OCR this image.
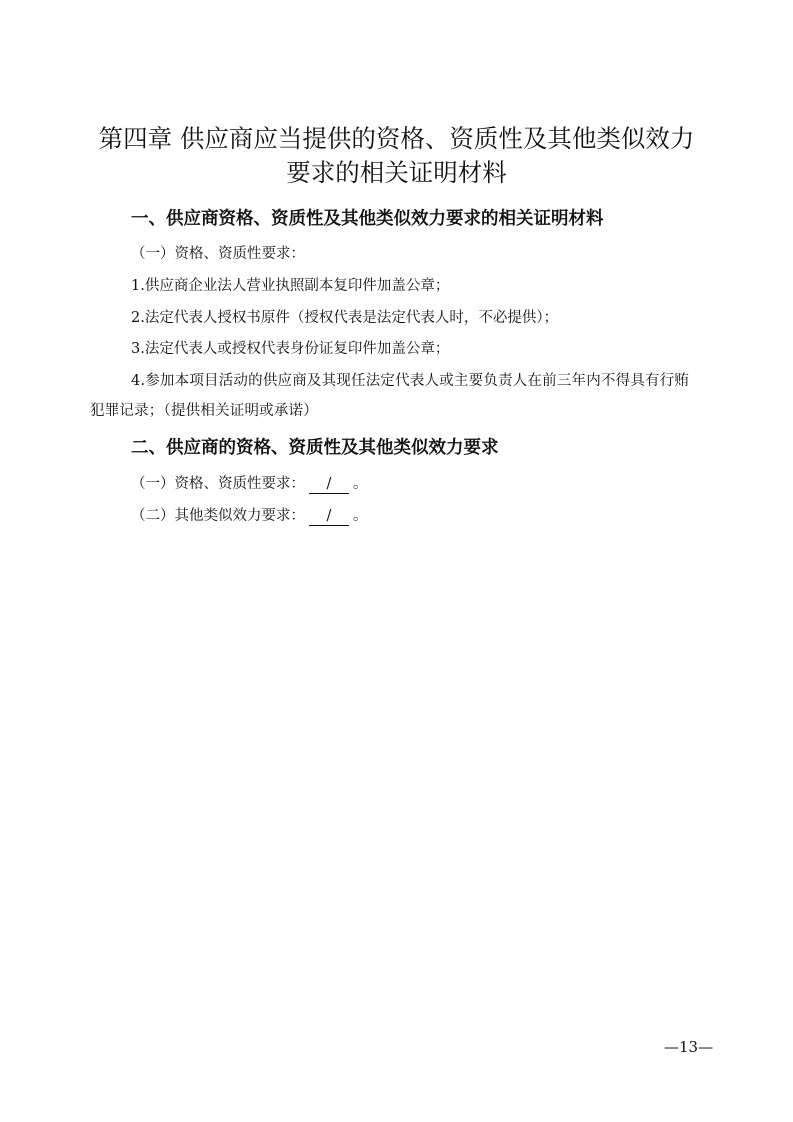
第四章 供应商应当提供的资格、资质性及其他类似效力要求的相关证明材料
一、供应商资格、资质性及其他类似效力要求的相关证明材料

（一）资格、资质性要求：

1.供应商企业法人营业执照副本复印件加盖公章；

2.法定代表人授权书原件（授权代表是法定代表人时，不必提供）；

3.法定代表人或授权代表身份证复印件加盖公章；

4.参加本项目活动的供应商及其现任法定代表人或主要负责人在前三年内不得具有行贿犯罪记录；（提供相关证明或承诺）

二、供应商的资格、资质性及其他类似效力要求

（一）资格、资质性要求： / 。

（二）其他类似效力要求： / 。

—13—
